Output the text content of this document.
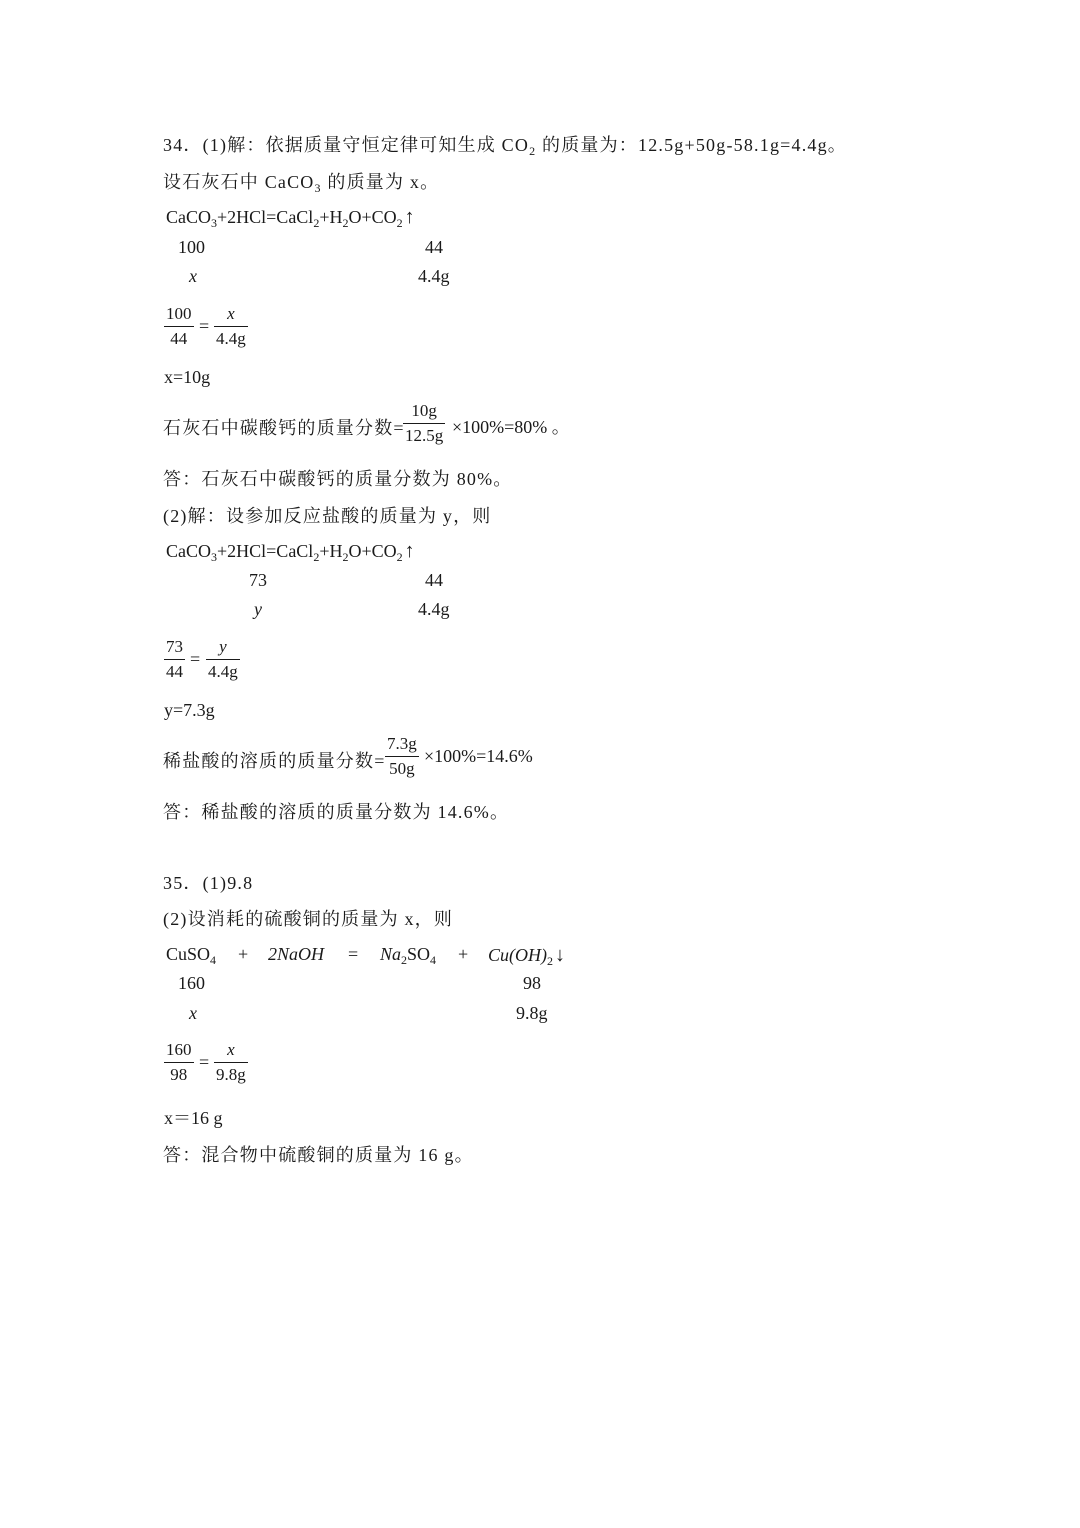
34．(1)解：依据质量守恒定律可知生成 $CO_2$ 的质量为：12.5g+50g-58.1g=4.4g。
设石灰石中 CaCO$_3$ 的质量为 x。
$CaCO_3+2HCl=CaCl_2+H_2O+CO_2$ ↑
100	44
x	4.4g
100
44
=
x
4.4g
x=10g
石灰石中碳酸钙的质量分数=
10g
12.5g ×100%=80% 。
答：石灰石中碳酸钙的质量分数为 80%。
(2)解：设参加反应盐酸的质量为 y，则
$CaCO_3+2HCl=CaCl_2+H_2O+CO_2$ ↑
73	44
y	4.4g
73
44
=
y
4.4g
y=7.3g
稀盐酸的溶质的质量分数=
7.3g
50g
×100%=14.6%
答：稀盐酸的溶质的质量分数为 14.6%。
35．(1)9.8
(2)设消耗的硫酸铜的质量为 x，则
CuSO$_4$ + 2NaOH = $Na_2SO_4 + Cu(OH)_2$ ↓
160	98
x	9.8g
160
98
=
x
9.8g
x＝16 g
答：混合物中硫酸铜的质量为 16 g。
